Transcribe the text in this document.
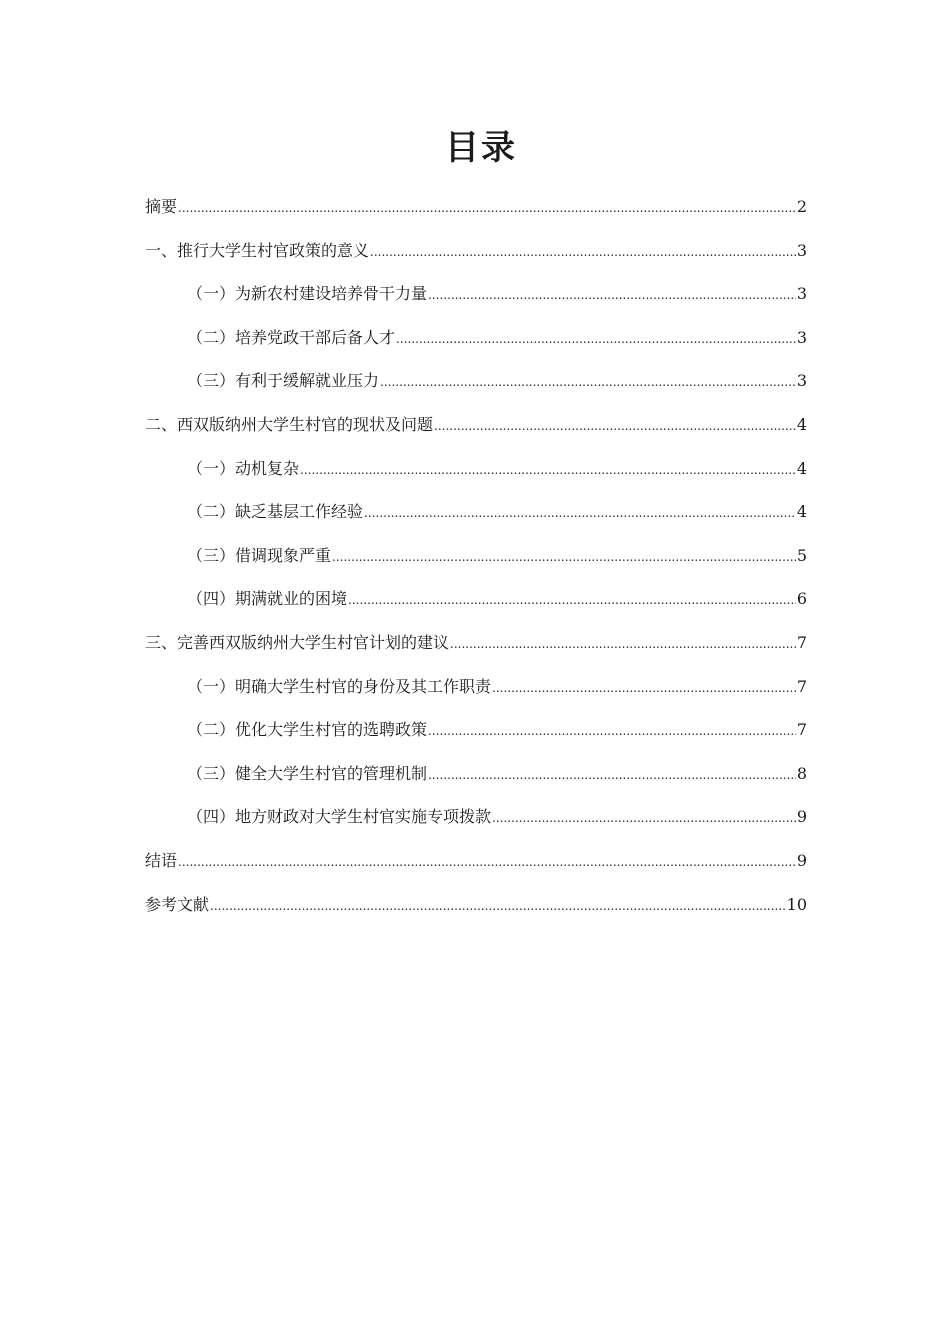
目录
摘要 .....	2
一、推行大学生村官政策的意义 .....	3
（一）为新农村建设培养骨干力量 .....	3
（二）培养党政干部后备人才 .....	3
（三）有利于缓解就业压力 .....	3
二、西双版纳州大学生村官的现状及问题 .....	4
（一）动机复杂 .....	4
（二）缺乏基层工作经验 .....	4
（三）借调现象严重 .....	5
（四）期满就业的困境 .....	6
三、完善西双版纳州大学生村官计划的建议 .....	7
（一）明确大学生村官的身份及其工作职责 .....	7
（二）优化大学生村官的选聘政策 .....	7
（三）健全大学生村官的管理机制 .....	8
（四）地方财政对大学生村官实施专项拨款 .....	9
结语 .....	9
参考文献 .....	10
